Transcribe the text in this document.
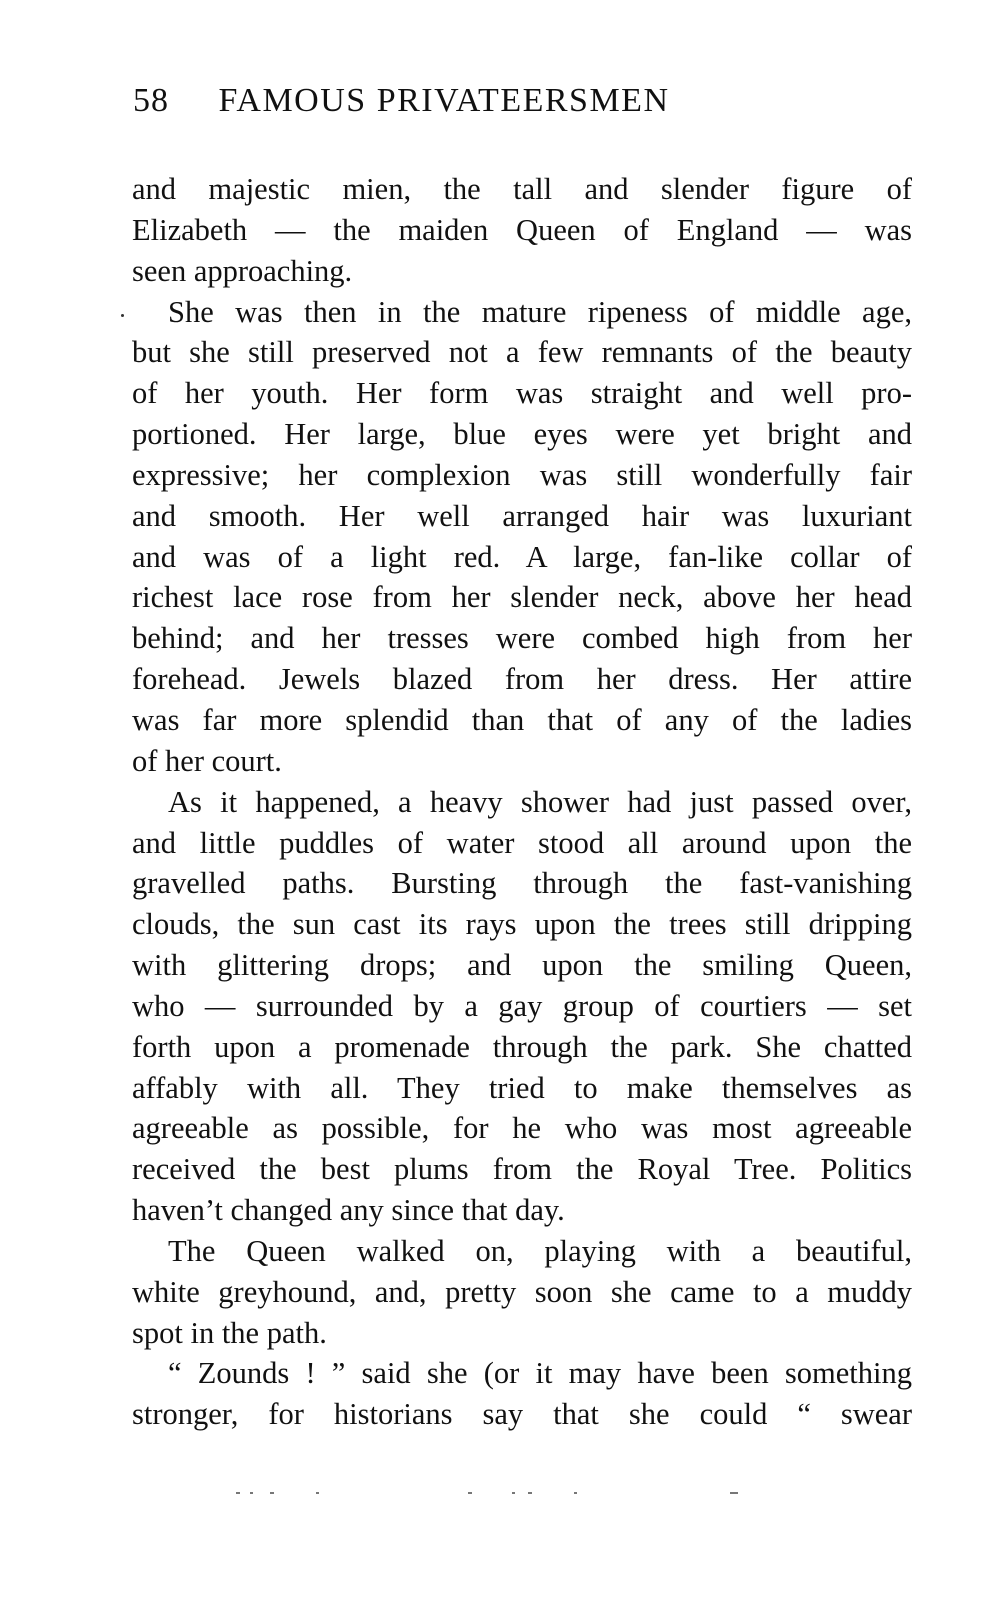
58 FAMOUS PRIVATEERSMEN
and majestic mien, the tall and slender figure of
Elizabeth — the maiden Queen of England — was
seen approaching.
She was then in the mature ripeness of middle age,
but she still preserved not a few remnants of the beauty
of her youth. Her form was straight and well pro-
portioned. Her large, blue eyes were yet bright and
expressive; her complexion was still wonderfully fair
and smooth. Her well arranged hair was luxuriant
and was of a light red. A large, fan-like collar of
richest lace rose from her slender neck, above her head
behind; and her tresses were combed high from her
forehead. Jewels blazed from her dress. Her attire
was far more splendid than that of any of the ladies
of her court.
As it happened, a heavy shower had just passed over,
and little puddles of water stood all around upon the
gravelled paths. Bursting through the fast-vanishing
clouds, the sun cast its rays upon the trees still dripping
with glittering drops; and upon the smiling Queen,
who — surrounded by a gay group of courtiers — set
forth upon a promenade through the park. She chatted
affably with all. They tried to make themselves as
agreeable as possible, for he who was most agreeable
received the best plums from the Royal Tree. Politics
haven’t changed any since that day.
The Queen walked on, playing with a beautiful,
white greyhound, and, pretty soon she came to a muddy
spot in the path.
“ Zounds ! ” said she (or it may have been something
stronger, for historians say that she could “ swear
